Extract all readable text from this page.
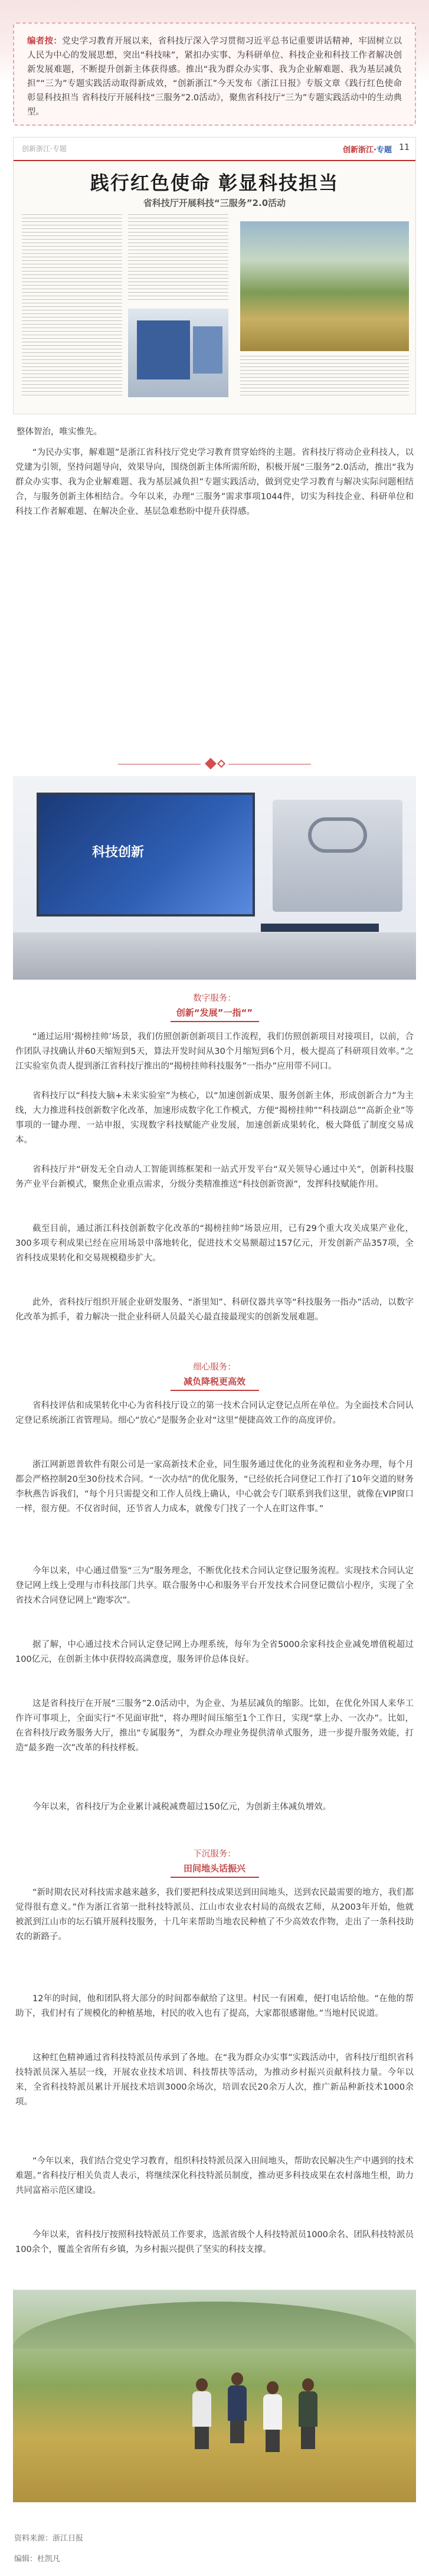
编者按：党史学习教育开展以来，省科技厅深入学习贯彻习近平总书记重要讲话精神，牢固树立以人民为中心的发展思想，突出“科技味”，紧扣办实事、为科研单位、科技企业和科技工作者解决创新发展难题，不断提升创新主体获得感。推出“我为群众办实事、我为企业解难题、我为基层减负担”“三为”专题实践活动取得新成效，“创新浙江”今天发布《浙江日报》专版文章《践行红色使命 彰显科技担当 省科技厅开展科技“三服务”2.0活动》，聚焦省科技厅“三为”专题实践活动中的生动典型。
创新浙江·专题	创新浙江·专题 11
践行红色使命 彰显科技担当
省科技厅开展科技“三服务”2.0活动
整体智治，唯实惟先。
“为民办实事，解难题”是浙江省科技厅党史学习教育贯穿始终的主题。省科技厅将动企业科技人，以党建为引领，坚持问题导向，效果导向，围绕创新主体所需所盼，积极开展“三服务”2.0活动，推出“我为群众办实事、我为企业解难题、我为基层减负担”专题实践活动，做到党史学习教育与解决实际问题相结合，与服务创新主体相结合。今年以来，办理“三服务”需求事项1044件，切实为科技企业、科研单位和科技工作者解难题、在解决企业、基层急难愁盼中提升获得感。
科技创新
数字服务：
创新“发展”一指“”
“通过运用‘揭榜挂帅’场景，我们仿照创新创新项目工作流程，我们仿照创新项目对接项目，以前，合作团队寻找确认并60天缩短到5天，算法开发时间从30个月缩短到6个月，极大提高了科研项目效率。”之江实验室负责人提到浙江省科技厅推出的“揭榜挂帅科技服务”一指办”应用带不同口。
省科技厅以“科技大脑+未来实验室”为核心，以“加速创新成果、服务创新主体，形成创新合力”为主线，大力推进科技创新数字化改革，加速形成数字化工作模式，方便“揭榜挂帅”“科技副总”“高新企业”等事项的一键办理、一站申报，实现数字科技赋能产业发展，加速创新成果转化，极大降低了制度交易成本。
省科技厅并“研发无全自动人工智能训练框架和一站式开发平台“双关领导心通过中关”，创新科技服务产业平台新模式，聚焦企业重点需求，分级分类精准推送“科技创新资源”，发挥科技赋能作用。
截至目前，通过浙江科技创新数字化改革的“揭榜挂帅”场景应用，已有29个重大攻关成果产业化，300多项专利成果已经在应用场景中落地转化，促进技术交易额超过157亿元，开发创新产品357项，全省科技成果转化和交易规模稳步扩大。
此外，省科技厅组织开展企业研发服务、“浙里知”、科研仪器共享等“科技服务一指办”活动，以数字化改革为抓手，着力解决一批企业科研人员最关心最直接最现实的创新发展难题。
细心服务：
减负降税更高效
省科技评估和成果转化中心为省科技厅设立的第一技术合同认定登记点所在单位。为全面技术合同认定登记系统浙江省管理局。细心“放心”是服务企业对“这里”便捷高效工作的高度评价。
浙江网新恩普软件有限公司是一家高新技术企业，同生服务通过优化的业务流程和业务办理，每个月都会严格控制20至30份技术合同。“一次办结”的优化服务，“已经依托合同登记工作打了10年交道的财务李秋燕告诉我们，“每个月只需提交和工作人员线上确认，中心就会专门联系到我们这里，就像在VIP窗口一样，很方便。不仅省时间，还节省人力成本，就像专门找了一个人在盯这件事。”
今年以来，中心通过借鉴“三为”服务理念，不断优化技术合同认定登记服务流程。实现技术合同认定登记网上线上受理与市科技部门共享。联合服务中心和服务平台开发技术合同登记微信小程序，实现了全省技术合同登记网上“跑零次”。
据了解，中心通过技术合同认定登记网上办理系统，每年为全省5000余家科技企业减免增值税超过100亿元，在创新主体中获得较高满意度，服务评价总体良好。
这是省科技厅在开展“三服务”2.0活动中，为企业、为基层减负的缩影。比如，在优化外国人来华工作许可事项上，全面实行“不见面审批”，将办理时间压缩至1个工作日，实现“掌上办、一次办”。比如，在省科技厅政务服务大厅，推出“专属服务”，为群众办理业务提供清单式服务，进一步提升服务效能，打造“最多跑一次”改革的科技样板。
今年以来，省科技厅为企业累计减税减费超过150亿元，为创新主体减负增效。
下沉服务：
田间地头话振兴
“新时期农民对科技需求越来越多，我们要把科技成果送到田间地头，送到农民最需要的地方，我们都觉得很有意义。”作为浙江省第一批科技特派员、江山市农业农村局的高级农艺师，从2003年开始，他就被派到江山市的坛石镇开展科技服务，十几年来帮助当地农民种植了不少高效农作物，走出了一条科技助农的新路子。
12年的时间，他和团队将大部分的时间都奉献给了这里。村民一有困难，便打电话给他。“在他的帮助下，我们村有了规模化的种植基地，村民的收入也有了提高，大家都很感谢他。”当地村民说道。
这种红色精神通过省科技特派员传承到了各地。在“我为群众办实事”实践活动中，省科技厅组织省科技特派员深入基层一线，开展农业技术培训、科技帮扶等活动，为推动乡村振兴贡献科技力量。今年以来，全省科技特派员累计开展技术培训3000余场次，培训农民20余万人次，推广新品种新技术1000余项。
“今年以来，我们结合党史学习教育，组织科技特派员深入田间地头，帮助农民解决生产中遇到的技术难题。”省科技厅相关负责人表示，将继续深化科技特派员制度，推动更多科技成果在农村落地生根，助力共同富裕示范区建设。
今年以来，省科技厅按照科技特派员工作要求，选派省级个人科技特派员1000余名、团队科技特派员100余个，覆盖全省所有乡镇，为乡村振兴提供了坚实的科技支撑。
资料来源：浙江日报
编辑：杜凯凡
